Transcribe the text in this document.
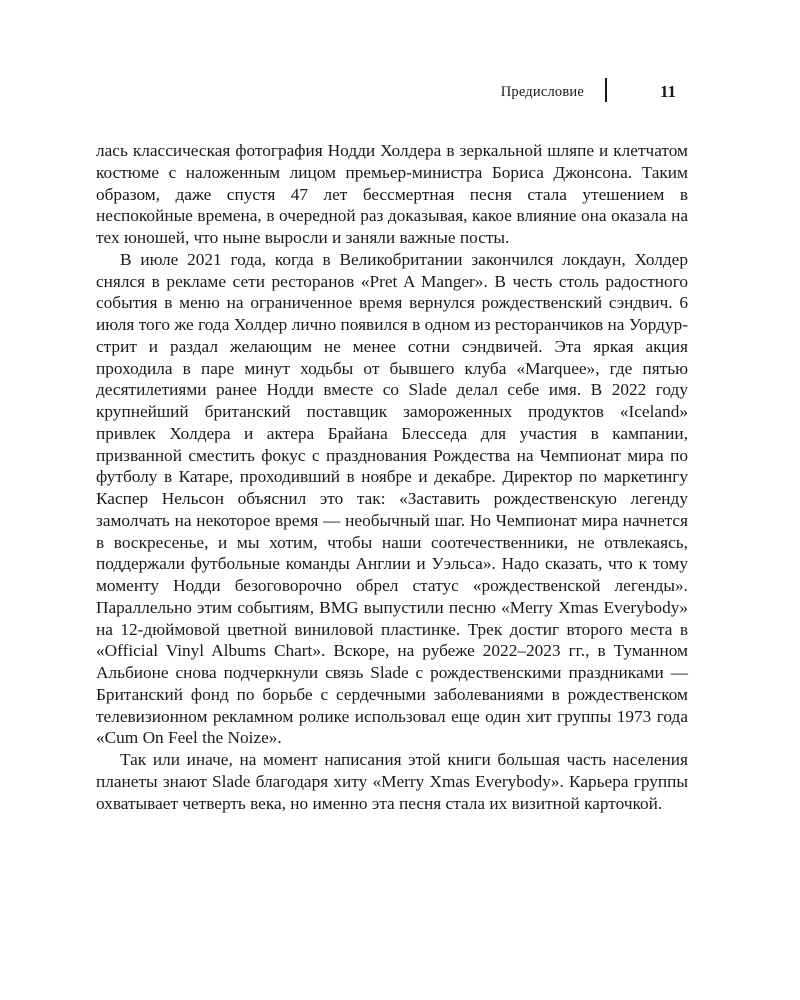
Предисловие	11

лась классическая фотография Нодди Холдера в зеркальной шляпе и клетчатом костюме с наложенным лицом премьер-министра Бориса Джонсона. Таким образом, даже спустя 47 лет бессмертная песня стала утешением в неспокойные времена, в очередной раз доказывая, какое влияние она оказала на тех юношей, что ныне выросли и заняли важные посты.

В июле 2021 года, когда в Великобритании закончился локдаун, Холдер снялся в рекламе сети ресторанов «Pret A Manger». В честь столь радостного события в меню на ограниченное время вернулся рождественский сэндвич. 6 июля того же года Холдер лично появился в одном из ресторанчиков на Уордур-стрит и раздал желающим не менее сотни сэндвичей. Эта яркая акция проходила в паре минут ходьбы от бывшего клуба «Marquee», где пятью десятилетиями ранее Нодди вместе со Slade делал себе имя. В 2022 году крупнейший британский поставщик замороженных продуктов «Iceland» привлек Холдера и актера Брайана Блесседа для участия в кампании, призванной сместить фокус с празднования Рождества на Чемпионат мира по футболу в Катаре, проходивший в ноябре и декабре. Директор по маркетингу Каспер Нельсон объяснил это так: «Заставить рождественскую легенду замолчать на некоторое время — необычный шаг. Но Чемпионат мира начнется в воскресенье, и мы хотим, чтобы наши соотечественники, не отвлекаясь, поддержали футбольные команды Англии и Уэльса». Надо сказать, что к тому моменту Нодди безоговорочно обрел статус «рождественской легенды». Параллельно этим событиям, BMG выпустили песню «Merry Xmas Everybody» на 12-дюймовой цветной виниловой пластинке. Трек достиг второго места в «Official Vinyl Albums Chart». Вскоре, на рубеже 2022–2023 гг., в Туманном Альбионе снова подчеркнули связь Slade с рождественскими праздниками — Британский фонд по борьбе с сердечными заболеваниями в рождественском телевизионном рекламном ролике использовал еще один хит группы 1973 года «Cum On Feel the Noize».

Так или иначе, на момент написания этой книги большая часть населения планеты знают Slade благодаря хиту «Merry Xmas Everybody». Карьера группы охватывает четверть века, но именно эта песня стала их визитной карточкой.
